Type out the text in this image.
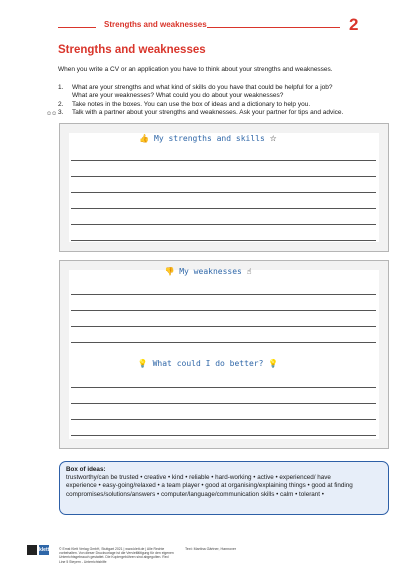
Strengths and weaknesses	2
Strengths and weaknesses
When you write a CV or an application you have to think about your strengths and weaknesses.
1. What are your strengths and what kind of skills do you have that could be helpful for a job?
What are your weaknesses? What could you do about your weaknesses?
2. Take notes in the boxes. You can use the box of ideas and a dictionary to help you.
☺☺ 3. Talk with a partner about your strengths and weaknesses. Ask your partner for tips and advice.
👍 My strengths and skills ☆
👎 My weaknesses ☝
💡 What could I do better? 💡
Box of ideas:
trustworthy/can be trusted • creative • kind • reliable • hard-working • active • experienced/ have
experience • easy-going/relaxed • a team player • good at organising/explaining things • good at finding
compromises/solutions/answers • computer/language/communication skills • calm • tolerant •
klett	© Ernst Klett Verlag GmbH, Stuttgart 2021 | www.klett.de | Alle Rechte vorbehalten. Von dieser Druckvorlage ist die Vervielfältigung für den eigenen Unterrichtsgebrauch gestattet. Die Kopiergebühren sind abgegolten. Red Line 5 Steyern - Unterrichtshilfe
Text: Martina Gärtner, Hannover
